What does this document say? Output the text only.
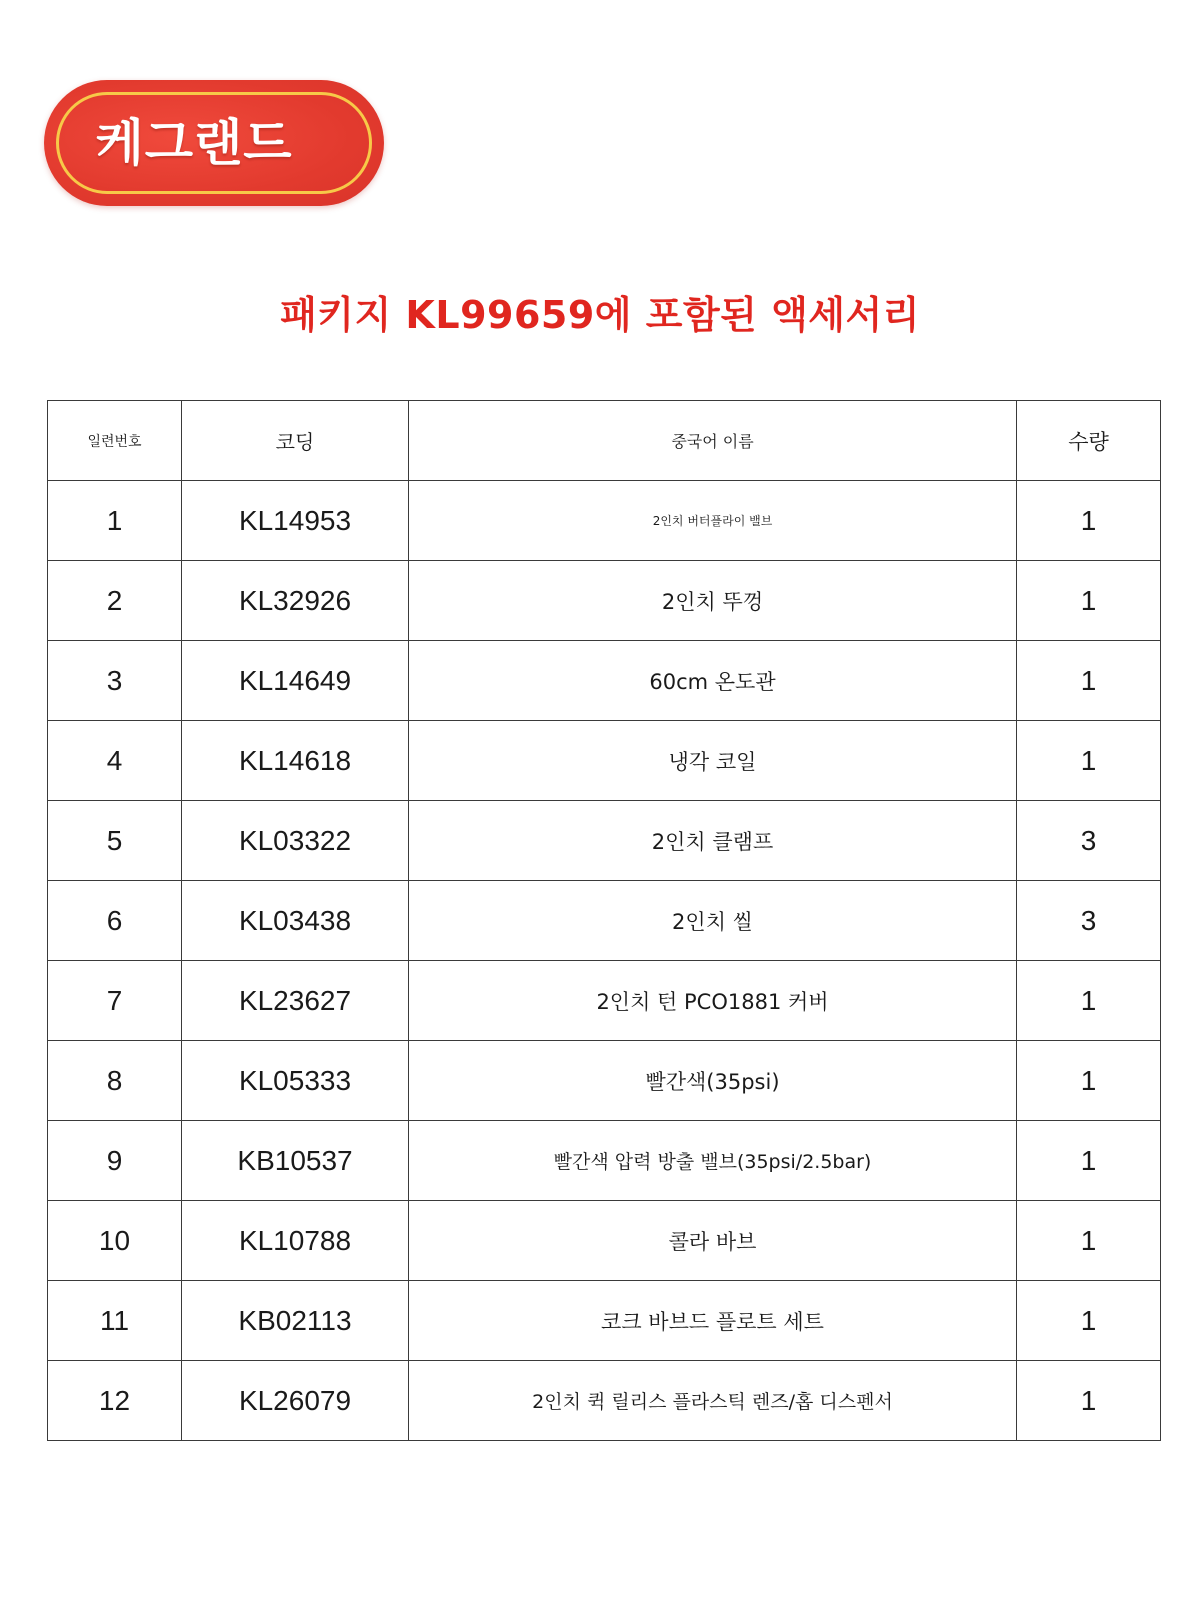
케그랜드
패키지 KL99659에 포함된 액세서리
일련번호	코딩	중국어 이름	수량
1	KL14953	2인치 버터플라이 밸브	1
2	KL32926	2인치 뚜껑	1
3	KL14649	60cm 온도관	1
4	KL14618	냉각 코일	1
5	KL03322	2인치 클램프	3
6	KL03438	2인치 씰	3
7	KL23627	2인치 턴 PCO1881 커버	1
8	KL05333	빨간색(35psi)	1
9	KB10537	빨간색 압력 방출 밸브(35psi/2.5bar)	1
10	KL10788	콜라 바브	1
11	KB02113	코크 바브드 플로트 세트	1
12	KL26079	2인치 퀵 릴리스 플라스틱 렌즈/홉 디스펜서	1
